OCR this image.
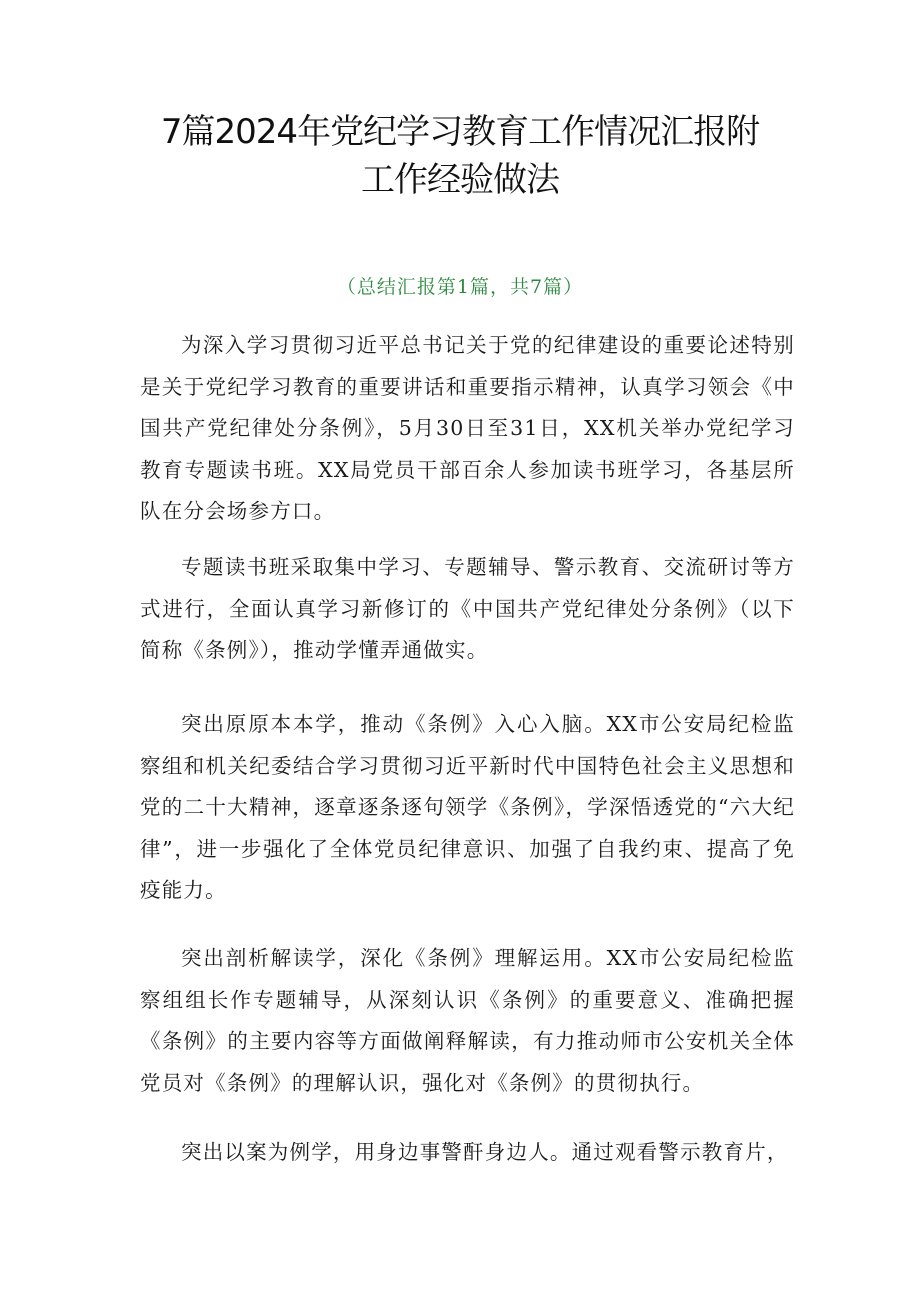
7篇2024年党纪学习教育工作情况汇报附
工作经验做法
（总结汇报第1篇，共7篇）

为深入学习贯彻习近平总书记关于党的纪律建设的重要论述特别是关于党纪学习教育的重要讲话和重要指示精神，认真学习领会《中国共产党纪律处分条例》，5月30日至31日，XX机关举办党纪学习教育专题读书班。XX局党员干部百余人参加读书班学习，各基层所队在分会场参方口。

专题读书班采取集中学习、专题辅导、警示教育、交流研讨等方式进行，全面认真学习新修订的《中国共产党纪律处分条例》（以下简称《条例》），推动学懂弄通做实。

突出原原本本学，推动《条例》入心入脑。XX市公安局纪检监察组和机关纪委结合学习贯彻习近平新时代中国特色社会主义思想和党的二十大精神，逐章逐条逐句领学《条例》，学深悟透党的“六大纪律”，进一步强化了全体党员纪律意识、加强了自我约束、提高了免疫能力。

突出剖析解读学，深化《条例》理解运用。XX市公安局纪检监察组组长作专题辅导，从深刻认识《条例》的重要意义、准确把握《条例》的主要内容等方面做阐释解读，有力推动师市公安机关全体党员对《条例》的理解认识，强化对《条例》的贯彻执行。

突出以案为例学，用身边事警酐身边人。通过观看警示教育片，
